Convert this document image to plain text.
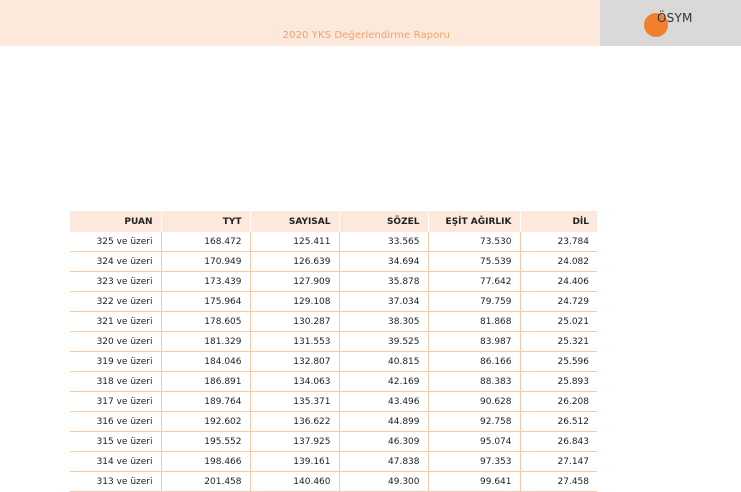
2020 YKS Değerlendirme Raporu
ÖSYM
PUAN	TYT	SAYISAL	SÖZEL	EŞİT AĞIRLIK	DİL
325 ve üzeri	168.472	125.411	33.565	73.530	23.784
324 ve üzeri	170.949	126.639	34.694	75.539	24.082
323 ve üzeri	173.439	127.909	35.878	77.642	24.406
322 ve üzeri	175.964	129.108	37.034	79.759	24.729
321 ve üzeri	178.605	130.287	38.305	81.868	25.021
320 ve üzeri	181.329	131.553	39.525	83.987	25.321
319 ve üzeri	184.046	132.807	40.815	86.166	25.596
318 ve üzeri	186.891	134.063	42.169	88.383	25.893
317 ve üzeri	189.764	135.371	43.496	90.628	26.208
316 ve üzeri	192.602	136.622	44.899	92.758	26.512
315 ve üzeri	195.552	137.925	46.309	95.074	26.843
314 ve üzeri	198.466	139.161	47.838	97.353	27.147
313 ve üzeri	201.458	140.460	49.300	99.641	27.458
